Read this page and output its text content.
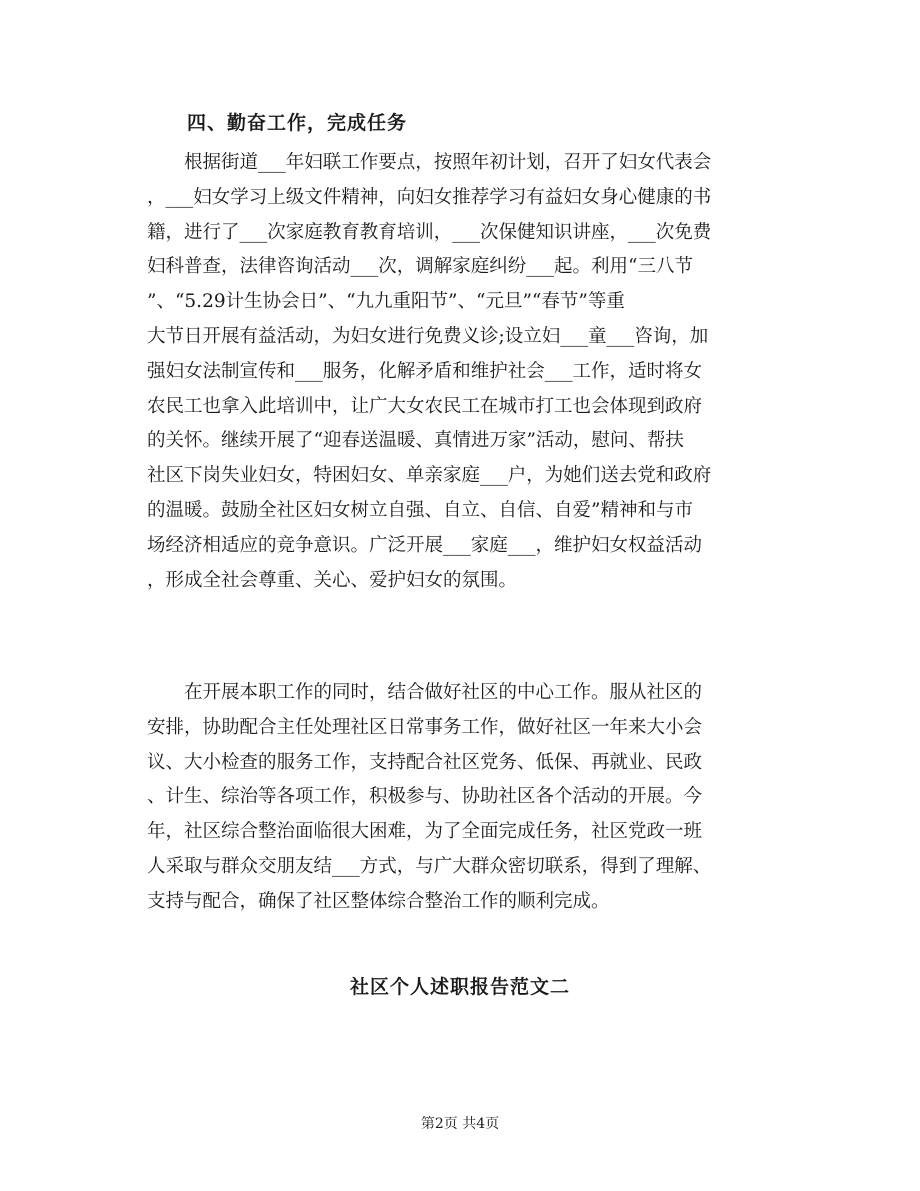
四、勤奋工作，完成任务
　　根据街道___年妇联工作要点，按照年初计划，召开了妇女代表会
，___妇女学习上级文件精神，向妇女推荐学习有益妇女身心健康的书
籍，进行了___次家庭教育教育培训，___次保健知识讲座，___次免费
妇科普查，法律咨询活动___次，调解家庭纠纷___起。利用“三八节
”、“5.29计生协会日”、“九九重阳节”、“元旦”“春节”等重
大节日开展有益活动，为妇女进行免费义诊;设立妇___童___咨询，加
强妇女法制宣传和___服务，化解矛盾和维护社会___工作，适时将女
农民工也拿入此培训中，让广大女农民工在城市打工也会体现到政府
的关怀。继续开展了“迎春送温暖、真情进万家”活动，慰问、帮扶
社区下岗失业妇女，特困妇女、单亲家庭___户，为她们送去党和政府
的温暖。鼓励全社区妇女树立自强、自立、自信、自爱”精神和与市
场经济相适应的竞争意识。广泛开展___家庭___，维护妇女权益活动
，形成全社会尊重、关心、爱护妇女的氛围。
　　在开展本职工作的同时，结合做好社区的中心工作。服从社区的
安排，协助配合主任处理社区日常事务工作，做好社区一年来大小会
议、大小检查的服务工作，支持配合社区党务、低保、再就业、民政
、计生、综治等各项工作，积极参与、协助社区各个活动的开展。今
年，社区综合整治面临很大困难，为了全面完成任务，社区党政一班
人采取与群众交朋友结___方式，与广大群众密切联系，得到了理解、
支持与配合，确保了社区整体综合整治工作的顺利完成。
社区个人述职报告范文二
第2页 共4页
